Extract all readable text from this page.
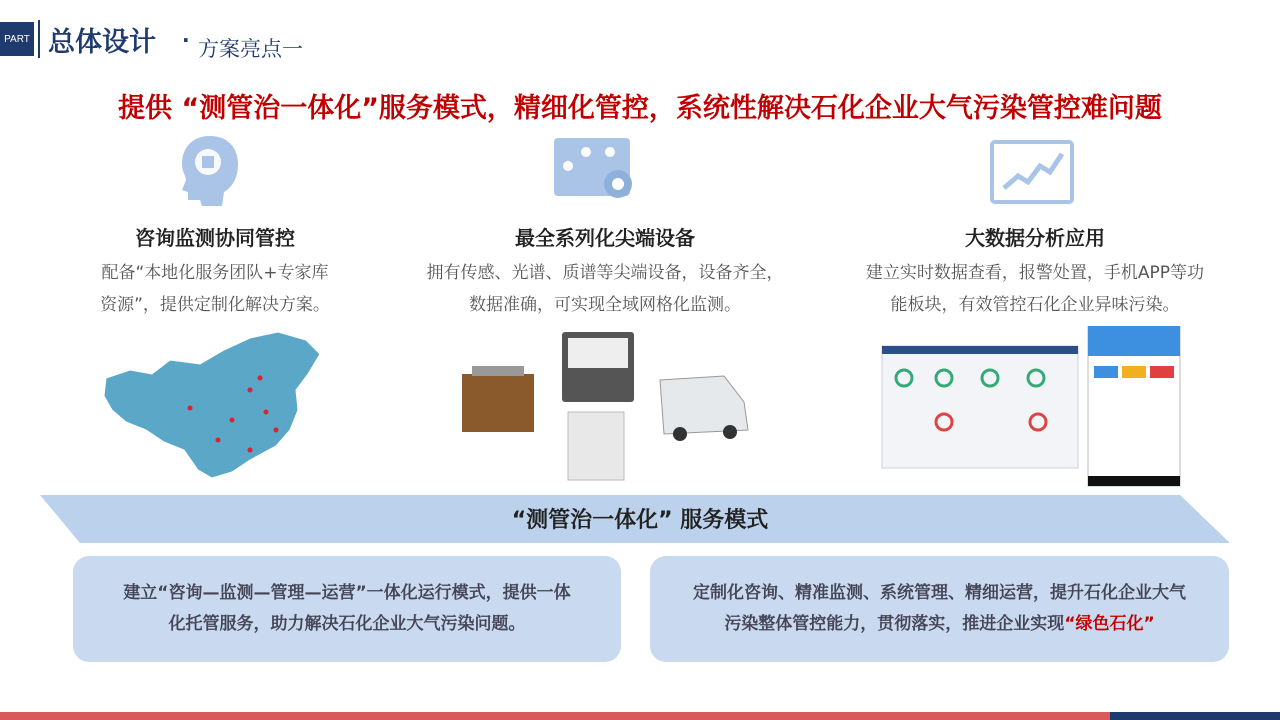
PART 总体设计 · 方案亮点一
提供 “测管治一体化”服务模式，精细化管控，系统性解决石化企业大气污染管控难问题
咨询监测协同管控
配备“本地化服务团队+专家库
资源”，提供定制化解决方案。
最全系列化尖端设备
拥有传感、光谱、质谱等尖端设备，设备齐全，
数据准确，可实现全域网格化监测。
大数据分析应用
建立实时数据查看，报警处置，手机APP等功
能板块，有效管控石化企业异味污染。
“测管治一体化” 服务模式
建立“咨询—监测—管理—运营”一体化运行模式，提供一体
化托管服务，助力解决石化企业大气污染问题。
定制化咨询、精准监测、系统管理、精细运营，提升石化企业大气
污染整体管控能力，贯彻落实，推进企业实现“绿色石化”
